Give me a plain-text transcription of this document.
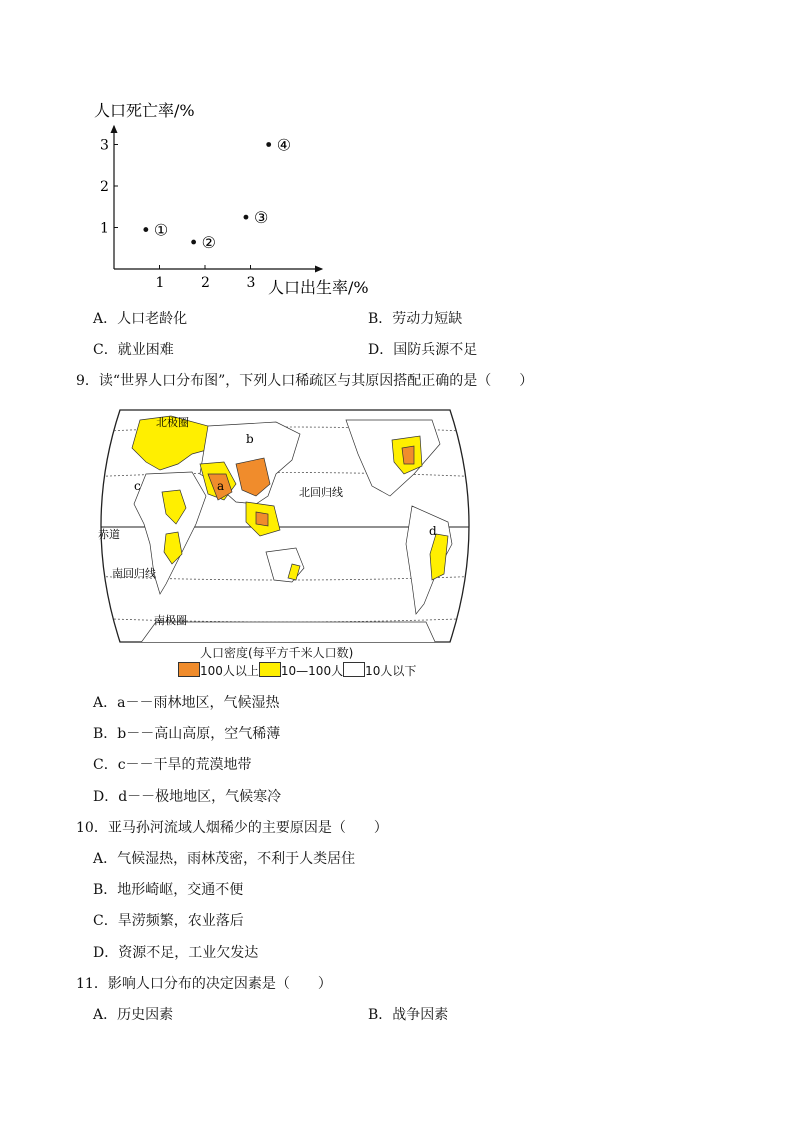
人口死亡率/%
人口出生率/%
1
2
3
1	2	3
①
②
③
④
A．人口老龄化	B．劳动力短缺
C．就业困难	D．国防兵源不足
9．读“世界人口分布图”，下列人口稀疏区与其原因搭配正确的是（　　）
北极圈
北回归线
赤道
南回归线
南极圈
a
b
c
d
人口密度(每平方千米人口数)
100人以上 10—100人 10人以下
A．a－－雨林地区，气候湿热
B．b－－高山高原，空气稀薄
C．c－－干旱的荒漠地带
D．d－－极地地区，气候寒冷
10．亚马孙河流域人烟稀少的主要原因是（　　）
A．气候湿热，雨林茂密，不利于人类居住
B．地形崎岖，交通不便
C．旱涝频繁，农业落后
D．资源不足，工业欠发达
11．影响人口分布的决定因素是（　　）
A．历史因素	B．战争因素
